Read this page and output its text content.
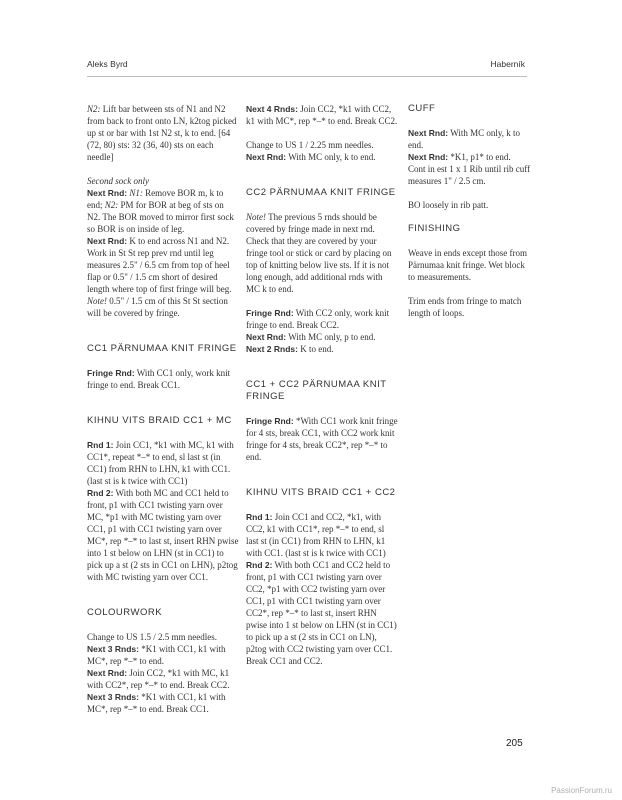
Aleks Byrd	Haberník

N2: Lift bar between sts of N1 and N2 from back to front onto LN, k2tog picked up st or bar with 1st N2 st, k to end. [64 (72, 80) sts: 32 (36, 40) sts on each needle]

Second sock only

Next Rnd: N1: Remove BOR m, k to end; N2: PM for BOR at beg of sts on N2. The BOR moved to mirror first sock so BOR is on inside of leg.

Next Rnd: K to end across N1 and N2. Work in St St rep prev rnd until leg measures 2.5" / 6.5 cm from top of heel flap or 0.5" / 1.5 cm short of desired length where top of first fringe will beg. Note! 0.5" / 1.5 cm of this St St section will be covered by fringe.

CC1 PÄRNUMAA KNIT FRINGE

Fringe Rnd: With CC1 only, work knit fringe to end. Break CC1.

KIHNU VITS BRAID CC1 + MC

Rnd 1: Join CC1, *k1 with MC, k1 with CC1*, repeat *–* to end, sl last st (in CC1) from RHN to LHN, k1 with CC1. (last st is k twice with CC1)

Rnd 2: With both MC and CC1 held to front, p1 with CC1 twisting yarn over MC, *p1 with MC twisting yarn over CC1, p1 with CC1 twisting yarn over MC*, rep *–* to last st, insert RHN pwise into 1 st below on LHN (st in CC1) to pick up a st (2 sts in CC1 on LHN), p2tog with MC twisting yarn over CC1.

COLOURWORK

Change to US 1.5 / 2.5 mm needles.

Next 3 Rnds: *K1 with CC1, k1 with MC*, rep *–* to end.

Next Rnd: Join CC2, *k1 with MC, k1 with CC2*, rep *–* to end. Break CC2.

Next 3 Rnds: *K1 with CC1, k1 with MC*, rep *–* to end. Break CC1.

Next 4 Rnds: Join CC2, *k1 with CC2, k1 with MC*, rep *–* to end. Break CC2.

Change to US 1 / 2.25 mm needles.

Next Rnd: With MC only, k to end.

CC2 PÄRNUMAA KNIT FRINGE

Note! The previous 5 rnds should be covered by fringe made in next rnd. Check that they are covered by your fringe tool or stick or card by placing on top of knitting below live sts. If it is not long enough, add additional rnds with MC k to end.

Fringe Rnd: With CC2 only, work knit fringe to end. Break CC2.

Next Rnd: With MC only, p to end.

Next 2 Rnds: K to end.

CC1 + CC2 PÄRNUMAA KNIT FRINGE

Fringe Rnd: *With CC1 work knit fringe for 4 sts, break CC1, with CC2 work knit fringe for 4 sts, break CC2*, rep *–* to end.

KIHNU VITS BRAID CC1 + CC2

Rnd 1: Join CC1 and CC2, *k1, with CC2, k1 with CC1*, rep *–* to end, sl last st (in CC1) from RHN to LHN, k1 with CC1. (last st is k twice with CC1)

Rnd 2: With both CC1 and CC2 held to front, p1 with CC1 twisting yarn over CC2, *p1 with CC2 twisting yarn over CC1, p1 with CC1 twisting yarn over CC2*, rep *–* to last st, insert RHN pwise into 1 st below on LHN (st in CC1) to pick up a st (2 sts in CC1 on LN), p2tog with CC2 twisting yarn over CC1. Break CC1 and CC2.

CUFF

Next Rnd: With MC only, k to end.

Next Rnd: *K1, p1* to end.

Cont in est 1 x 1 Rib until rib cuff measures 1" / 2.5 cm.

BO loosely in rib patt.

FINISHING

Weave in ends except those from Pärnumaa knit fringe. Wet block to measurements.

Trim ends from fringe to match length of loops.

205
PassionForum.ru
